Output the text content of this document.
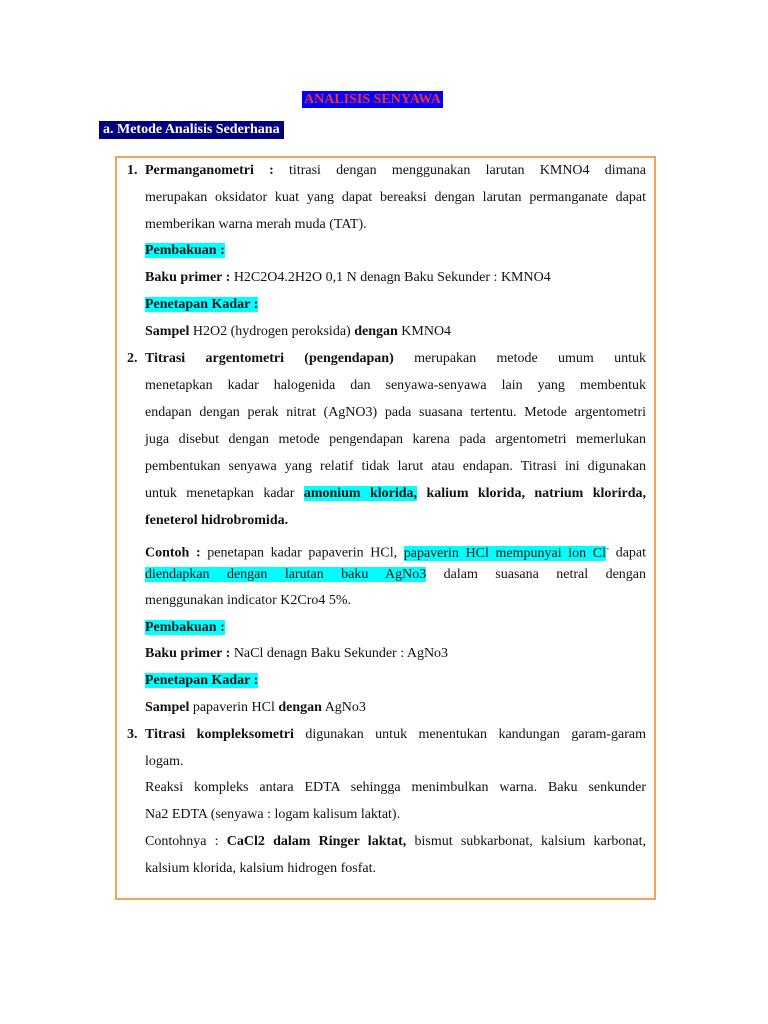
ANALISIS SENYAWA
a. Metode Analisis Sederhana
1. Permanganometri : titrasi dengan menggunakan larutan KMNO4 dimana
merupakan oksidator kuat yang dapat bereaksi dengan larutan permanganate dapat
memberikan warna merah muda (TAT).
Pembakuan :
Baku primer : H2C2O4.2H2O 0,1 N denagn Baku Sekunder : KMNO4
Penetapan Kadar :
Sampel H2O2 (hydrogen peroksida) dengan KMNO4
2. Titrasi argentometri (pengendapan) merupakan metode umum untuk
menetapkan kadar halogenida dan senyawa-senyawa lain yang membentuk
endapan dengan perak nitrat (AgNO3) pada suasana tertentu. Metode argentometri
juga disebut dengan metode pengendapan karena pada argentometri memerlukan
pembentukan senyawa yang relatif tidak larut atau endapan. Titrasi ini digunakan
untuk menetapkan kadar amonium klorida, kalium klorida, natrium klorirda,
feneterol hidrobromida.
Contoh : penetapan kadar papaverin HCl, papaverin HCl mempunyai ion Cl- dapat
diendapkan dengan larutan baku AgNo3 dalam suasana netral dengan
menggunakan indicator K2Cro4 5%.
Pembakuan :
Baku primer : NaCl denagn Baku Sekunder : AgNo3
Penetapan Kadar :
Sampel papaverin HCl dengan AgNo3
3. Titrasi kompleksometri digunakan untuk menentukan kandungan garam-garam
logam.
Reaksi kompleks antara EDTA sehingga menimbulkan warna. Baku senkunder
Na2 EDTA (senyawa : logam kalisum laktat).
Contohnya : CaCl2 dalam Ringer laktat, bismut subkarbonat, kalsium karbonat,
kalsium klorida, kalsium hidrogen fosfat.
